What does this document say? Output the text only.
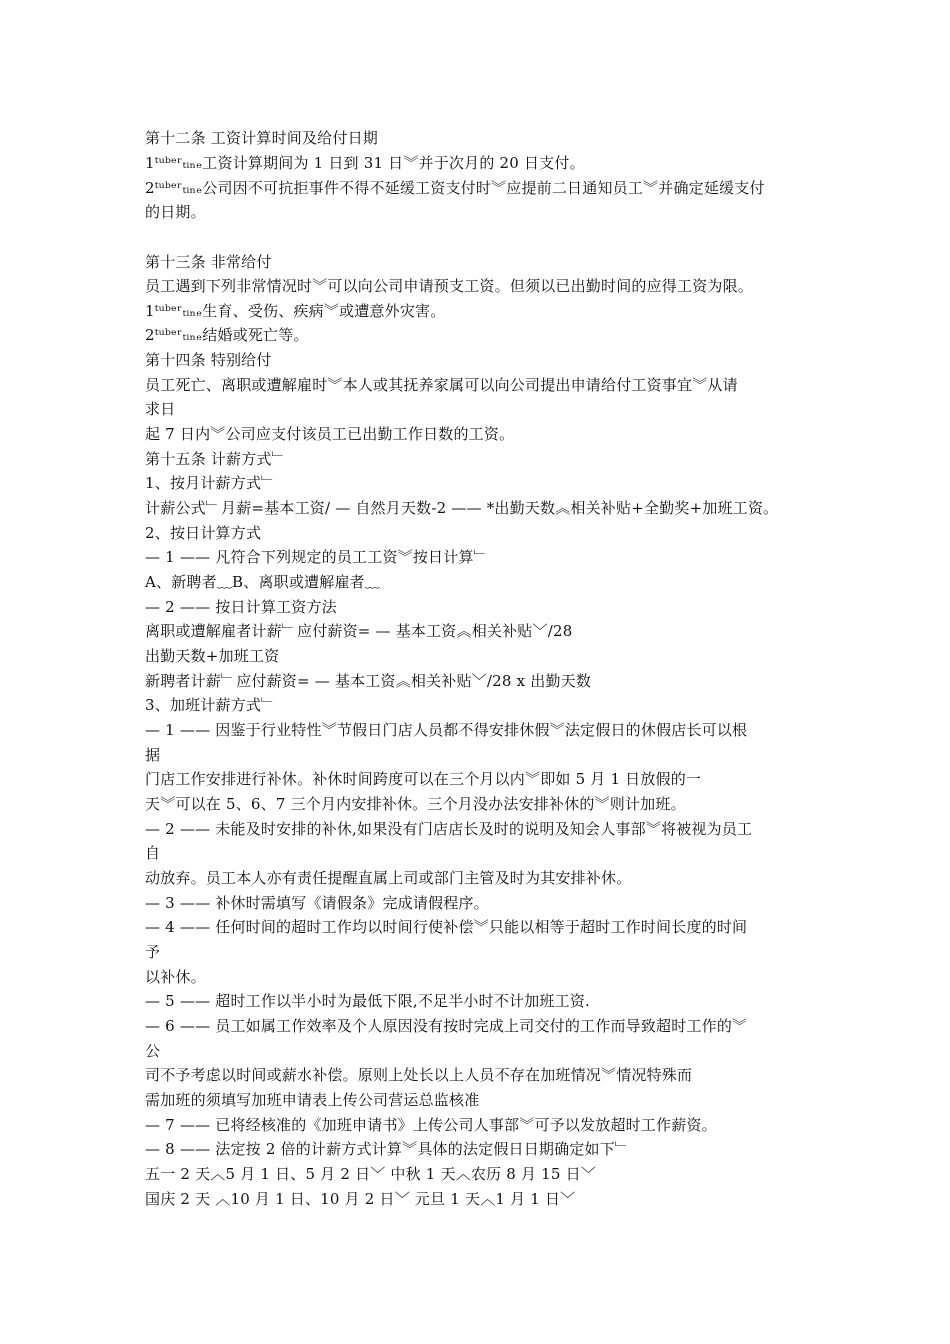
第十二条 工资计算时间及给付日期
1ᵗᵘᵇᵉʳₜᵢₙₑ工资计算期间为 1 日到 31 日︾并于次月的 20 日支付。
2ᵗᵘᵇᵉʳₜᵢₙₑ公司因不可抗拒事件不得不延缓工资支付时︾应提前二日通知员工︾并确定延缓支付
的日期。
第十三条 非常给付
员工遇到下列非常情况时︾可以向公司申请预支工资。但须以已出勤时间的应得工资为限。
1ᵗᵘᵇᵉʳₜᵢₙₑ生育、受伤、疾病︾或遭意外灾害。
2ᵗᵘᵇᵉʳₜᵢₙₑ结婚或死亡等。
第十四条 特别给付
员工死亡、离职或遭解雇时︾本人或其抚养家属可以向公司提出申请给付工资事宜︾从请
求日
起 7 日内︾公司应支付该员工已出勤工作日数的工资。
第十五条 计薪方式﹂
1、按月计薪方式﹂
计薪公式﹂月薪=基本工资/ — 自然月天数-2 —— *出勤天数︽相关补贴+全勤奖+加班工资。
2、按日计算方式
— 1 —— 凡符合下列规定的员工工资︾按日计算﹂
A、新聘者﹏B、离职或遭解雇者﹏
— 2 —— 按日计算工资方法
离职或遭解雇者计薪﹂应付薪资= — 基本工资︽相关补贴﹀/28
出勤天数+加班工资
新聘者计薪﹂应付薪资= — 基本工资︽相关补贴﹀/28 x 出勤天数
3、加班计薪方式﹂
— 1 —— 因鉴于行业特性︾节假日门店人员都不得安排休假︾法定假日的休假店长可以根
据
门店工作安排进行补休。补休时间跨度可以在三个月以内︾即如 5 月 1 日放假的一
天︾可以在 5、6、7 三个月内安排补休。三个月没办法安排补休的︾则计加班。
— 2 —— 未能及时安排的补休,如果没有门店店长及时的说明及知会人事部︾将被视为员工
自
动放弃。员工本人亦有责任提醒直属上司或部门主管及时为其安排补休。
— 3 —— 补休时需填写《请假条》完成请假程序。
— 4 —— 任何时间的超时工作均以时间行使补偿︾只能以相等于超时工作时间长度的时间
予
以补休。
— 5 —— 超时工作以半小时为最低下限,不足半小时不计加班工资.
— 6 —— 员工如属工作效率及个人原因没有按时完成上司交付的工作而导致超时工作的︾
公
司不予考虑以时间或薪水补偿。原则上处长以上人员不存在加班情况︾情况特殊而
需加班的须填写加班申请表上传公司营运总监核准
— 7 —— 已将经核准的《加班申请书》上传公司人事部︾可予以发放超时工作薪资。
— 8 —— 法定按 2 倍的计薪方式计算︾具体的法定假日日期确定如下﹂
五一 2 天︿5 月 1 日、5 月 2 日﹀ 中秋 1 天︿农历 8 月 15 日﹀
国庆 2 天 ︿10 月 1 日、10 月 2 日﹀ 元旦 1 天︿1 月 1 日﹀
